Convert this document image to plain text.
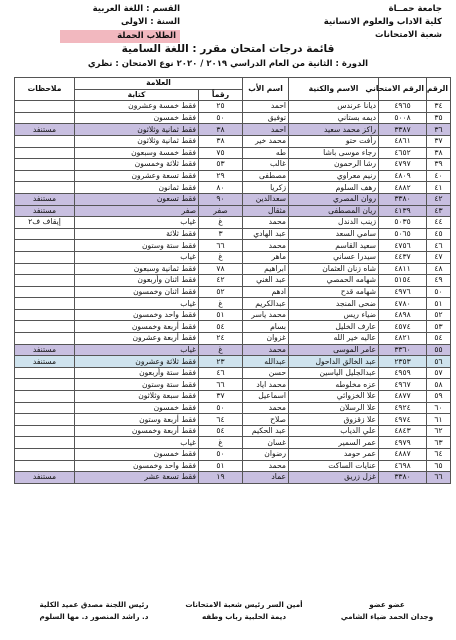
جامعة حمــاة
كلية الاداب والعلوم الانسانية
شعبة الامتحانات
القسم : اللغة العربية
السنة : الاولى
الطلاب الحملة
قائمة درجات امتحان مقرر : اللغة السامية
الدورة : الثانية من العام الدراسي ٢٠١٩ / ٢٠٢٠ نوع الامتحان : نظري
الرقم	الرقم الامتحاني	الاسم والكنية	اسم الأب	العلامة		ملاحظات
				رقماً	كتابة	
٣٤	٤٩٦٥	ديانا عرندس	احمد	٢٥	فقط خمسة وعشرون	
٣٥	٥٠٠٨	ديمه بستاني	توفيق	٥٠	فقط خمسون	
٣٦	٣٣٨٧	راكز محمد سعيد	احمد	٣٨	فقط ثمانية وثلاثون	مستنفد
٣٧	٤٨٦١	رأفت حتو	محمد خير	٣٨	فقط ثمانية وثلاثون	
٣٨	٤٦٥٢	رجاء موسى باشا	طه	٧٥	فقط خمسة وسبعون	
٣٩	٤٧٩٧	رشا الرحمون	غالب	٥٣	فقط ثلاثة وخمسون	
٤٠	٤٨٠٩	رنيم معراوي	مصطفى	٢٩	فقط تسعة وعشرون	
٤١	٤٨٨٢	رهف السلوم	زكريا	٨٠	فقط ثمانون	
٤٢	٣٣٨٠	روان المصري	سعدالدين	٩٠	فقط تسعون	مستنفد
٤٣	٤١٣٩	ريان المصطفى	مثقال	صفر	صفر	مستنفد
٤٤	٥٠٣٥	زينب الدندل	محمد	غ	غياب	إيقاف ف٢
٤٥	٥٠٦٥	سامي السعد	عبد الهادي	٣	فقط ثلاثة	
٤٦	٤٧٥٦	سعيد القاسم	محمد	٦٦	فقط ستة وستون	
٤٧	٤٤٣٧	سيدرا عساني	ماهر	غ	غياب	
٤٨	٤٨١١	شاه زنان العثمان	ابراهيم	٧٨	فقط ثمانية وسبعون	
٤٩	٥١٥٤	شهامه الحمصي	عبد الغني	٤٢	فقط اثنان وأربعون	
٥٠	٤٩٧٦	شهامه قدح	ادهم	٥٢	فقط اثنان وخمسون	
٥١	٤٧٨٠	ضحى المنجد	عبدالكريم	غ	غياب	
٥٢	٤٨٩٨	ضياء ريس	محمد ياسر	٥١	فقط واحد وخمسون	
٥٣	٤٥٧٤	عارف الخليل	بسام	٥٤	فقط أربعة وخمسون	
٥٤	٤٨٢١	عاليه خير الله	غزوان	٢٤	فقط أربعة وعشرون	
٥٥	٣٣٦٠	عامر الموسى	محمد	غ	غياب	مستنفد
٥٦	٢٣٥٣	عبد الخالق الداحول	عبدالله	٢٣	فقط ثلاثة وعشرون	مستنفد
٥٧	٤٩٥٩	عبدالجليل الياسين	حسن	٤٦	فقط ستة وأربعون	
٥٨	٤٩٦٧	عزه مخلوطه	محمد اياد	٦٦	فقط ستة وستون	
٥٩	٤٨٧٧	علا الخزوائي	اسماعيل	٣٧	فقط سبعة وثلاثون	
٦٠	٤٩٢٤	علا الرسلان	محمد	٥٠	فقط خمسون	
٦١	٤٩٧٤	علا زقزوق	صلاح	٦٤	فقط أربعة وستون	
٦٢	٤٨٤٣	علي الدياب	عبد الحكيم	٥٤	فقط أربعة وخمسون	
٦٣	٤٩٧٩	عمر السمير	غسان	غ	غياب	
٦٤	٤٨٨٧	عمر حومد	رضوان	٥٠	فقط خمسون	
٦٥	٤٦٩٨	عنايات الساكت	محمد	٥١	فقط واحد وخمسون	
٦٦	٣٣٨٠	غزل زريق	عماد	١٩	فقط تسعة عشر	مستنفد
رئيس اللجنة مصدق عميد الكلية
د. راشد المنصور د. مها السلوم
أمين السر رئيس شعبة الامتحانات
ديمة الحلبية رباب وطفه
عضو عضو
وجدان الحمد ضياء الشامي
